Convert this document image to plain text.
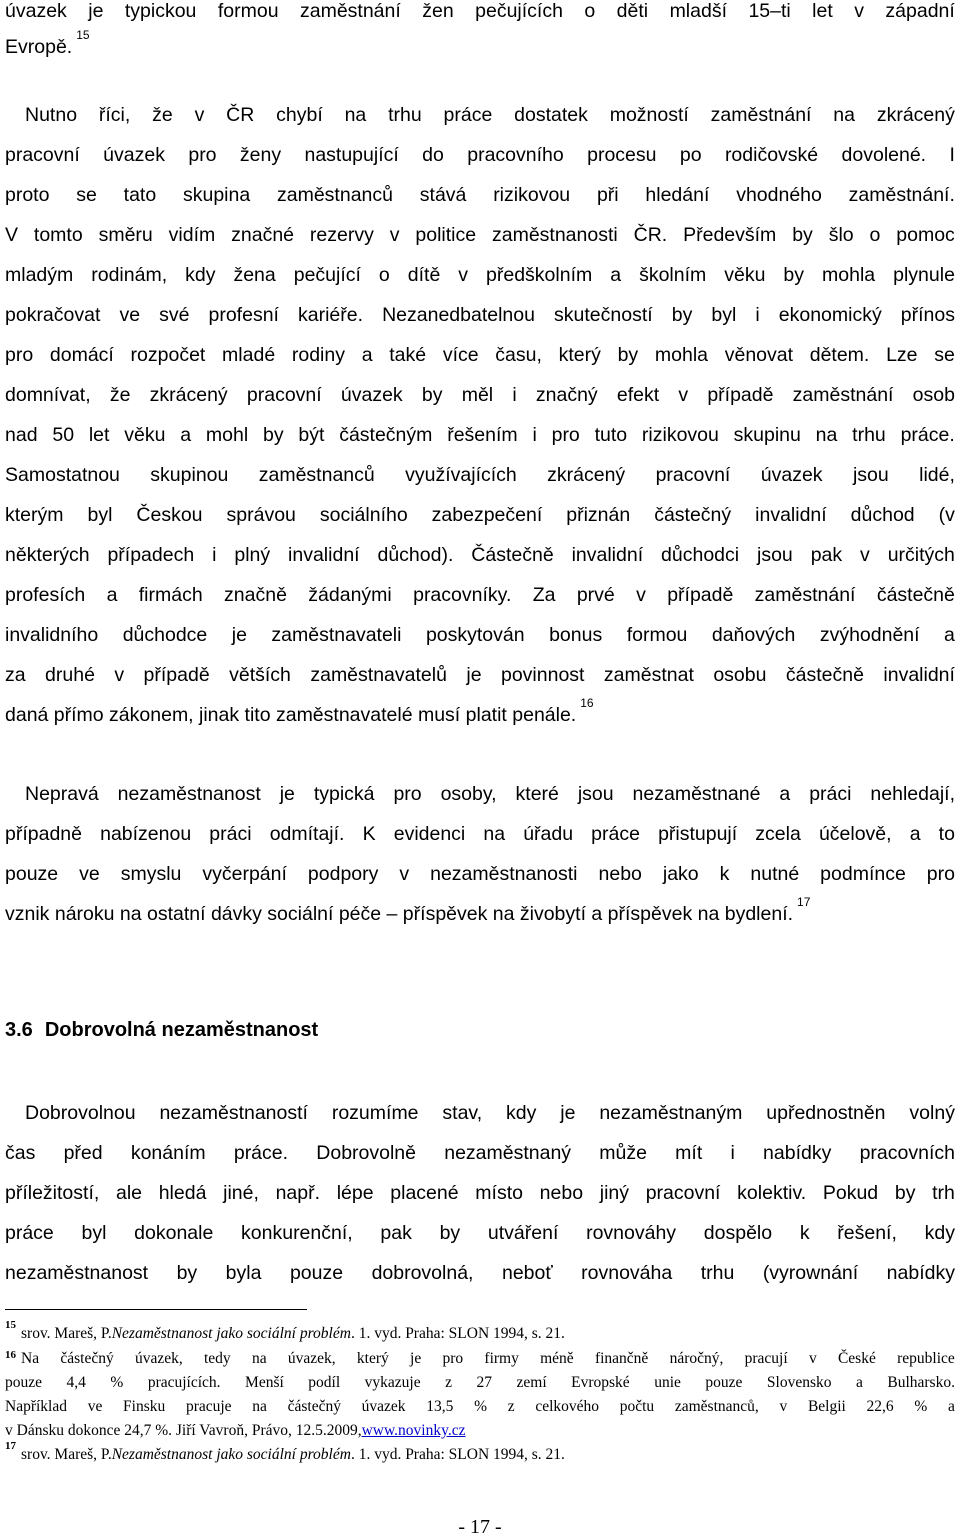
úvazek je typickou formou zaměstnání žen pečujících o děti mladší 15–ti let v západní
Evropě.
15
Nutno říci, že v ČR chybí na trhu práce dostatek možností zaměstnání na zkrácený
pracovní úvazek pro ženy nastupující do pracovního procesu po rodičovské dovolené. I
proto se tato skupina zaměstnanců stává rizikovou při hledání vhodného zaměstnání.
V tomto směru vidím značné rezervy v politice zaměstnanosti ČR. Především by šlo o pomoc
mladým rodinám, kdy žena pečující o dítě v předškolním a školním věku by mohla plynule
pokračovat ve své profesní kariéře. Nezanedbatelnou skutečností by byl i ekonomický přínos
pro domácí rozpočet mladé rodiny a také více času, který by mohla věnovat dětem. Lze se
domnívat, že zkrácený pracovní úvazek by měl i značný efekt v případě zaměstnání osob
nad 50 let věku a mohl by být částečným řešením i pro tuto rizikovou skupinu na trhu práce.
Samostatnou skupinou zaměstnanců využívajících zkrácený pracovní úvazek jsou lidé,
kterým byl Českou správou sociálního zabezpečení přiznán částečný invalidní důchod (v
některých případech i plný invalidní důchod). Částečně invalidní důchodci jsou pak v určitých
profesích a firmách značně žádanými pracovníky. Za prvé v případě zaměstnání částečně
invalidního důchodce je zaměstnavateli poskytován bonus formou daňových zvýhodnění a
za druhé v případě větších zaměstnavatelů je povinnost zaměstnat osobu částečně invalidní
daná přímo zákonem, jinak tito zaměstnavatelé musí platit penále.
16
Nepravá nezaměstnanost je typická pro osoby, které jsou nezaměstnané a práci nehledají,
případně nabízenou práci odmítají. K evidenci na úřadu práce přistupují zcela účelově, a to
pouze ve smyslu vyčerpání podpory v nezaměstnanosti nebo jako k nutné podmínce pro
vznik nároku na ostatní dávky sociální péče – příspěvek na živobytí a příspěvek na bydlení.
17
Dobrovolnou nezaměstnaností rozumíme stav, kdy je nezaměstnaným upřednostněn volný
čas před konáním práce. Dobrovolně nezaměstnaný může mít i nabídky pracovních
příležitostí, ale hledá jiné, např. lépe placené místo nebo jiný pracovní kolektiv. Pokud by trh
práce byl dokonale konkurenční, pak by utváření rovnováhy dospělo k řešení, kdy
nezaměstnanost by byla pouze dobrovolná, neboť rovnováha trhu (vyrownání nabídky
3.6 Dobrovolná nezaměstnanost
15 srov. Mareš, P. Nezaměstnanost jako sociální problém . 1. vyd. Praha: SLON 1994, s. 21.
$^{16}$ Na částečný úvazek, tedy na úvazek, který je pro firmy méně finančně náročný, pracují v České republice
pouze 4,4 % pracujících. Menší podíl vykazuje z 27 zemí Evropské unie pouze Slovensko a Bulharsko.
Například ve Finsku pracuje na částečný úvazek 13,5 % z celkového počtu zaměstnanců, v Belgii 22,6 % a
v Dánsku dokonce 24,7 %. Jiří Vavroň, Právo, 12.5.2009, www.novinky.cz
17 srov. Mareš, P. Nezaměstnanost jako sociální problém . 1. vyd. Praha: SLON 1994, s. 21.
- 17 -
